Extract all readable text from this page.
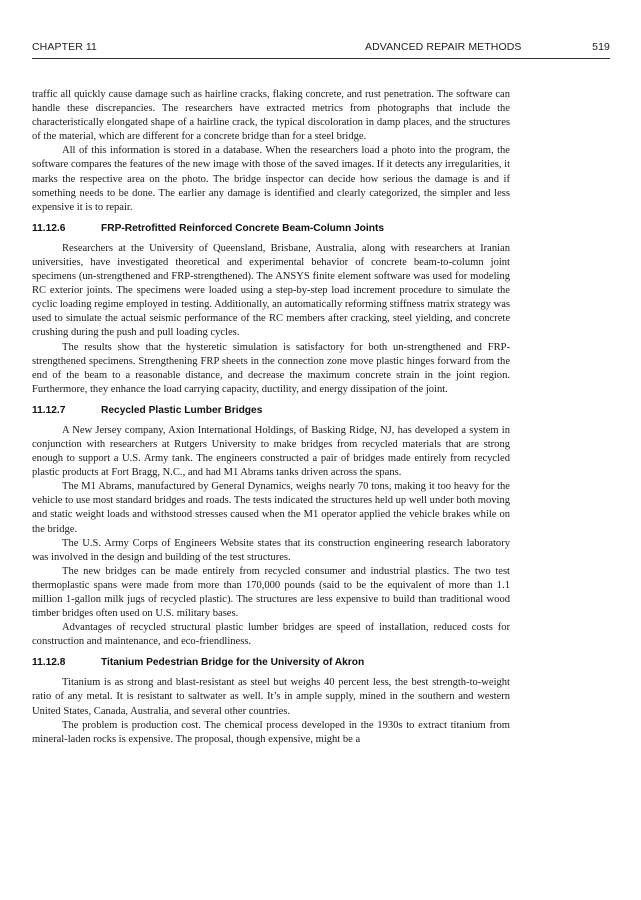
CHAPTER 11	ADVANCED REPAIR METHODS	519

traffic all quickly cause damage such as hairline cracks, flaking concrete, and rust penetration. The software can handle these discrepancies. The researchers have extracted metrics from photographs that include the characteristically elongated shape of a hairline crack, the typical discoloration in damp places, and the structures of the material, which are different for a concrete bridge than for a steel bridge.

All of this information is stored in a database. When the researchers load a photo into the program, the software compares the features of the new image with those of the saved images. If it detects any irregularities, it marks the respective area on the photo. The bridge inspector can decide how serious the damage is and if something needs to be done. The earlier any damage is identified and clearly categorized, the simpler and less expensive it is to repair.

11.12.6	FRP-Retrofitted Reinforced Concrete Beam-Column Joints

Researchers at the University of Queensland, Brisbane, Australia, along with researchers at Iranian universities, have investigated theoretical and experimental behavior of concrete beam-to-column joint specimens (un-strengthened and FRP-strengthened). The ANSYS finite element software was used for modeling RC exterior joints. The specimens were loaded using a step-by-step load increment procedure to simulate the cyclic loading regime employed in testing. Additionally, an automatically reforming stiffness matrix strategy was used to simulate the actual seismic performance of the RC members after cracking, steel yielding, and concrete crushing during the push and pull loading cycles.

The results show that the hysteretic simulation is satisfactory for both un-strengthened and FRP-strengthened specimens. Strengthening FRP sheets in the connection zone move plastic hinges forward from the end of the beam to a reasonable distance, and decrease the maximum concrete strain in the joint region. Furthermore, they enhance the load carrying capacity, ductility, and energy dissipation of the joint.

11.12.7	Recycled Plastic Lumber Bridges

A New Jersey company, Axion International Holdings, of Basking Ridge, NJ, has developed a system in conjunction with researchers at Rutgers University to make bridges from recycled materials that are strong enough to support a U.S. Army tank. The engineers constructed a pair of bridges made entirely from recycled plastic products at Fort Bragg, N.C., and had M1 Abrams tanks driven across the spans.

The M1 Abrams, manufactured by General Dynamics, weighs nearly 70 tons, making it too heavy for the vehicle to use most standard bridges and roads. The tests indicated the structures held up well under both moving and static weight loads and withstood stresses caused when the M1 operator applied the vehicle brakes while on the bridge.

The U.S. Army Corps of Engineers Website states that its construction engineering research laboratory was involved in the design and building of the test structures.

The new bridges can be made entirely from recycled consumer and industrial plastics. The two test thermoplastic spans were made from more than 170,000 pounds (said to be the equivalent of more than 1.1 million 1-gallon milk jugs of recycled plastic). The structures are less expensive to build than traditional wood timber bridges often used on U.S. military bases.

Advantages of recycled structural plastic lumber bridges are speed of installation, reduced costs for construction and maintenance, and eco-friendliness.

11.12.8	Titanium Pedestrian Bridge for the University of Akron

Titanium is as strong and blast-resistant as steel but weighs 40 percent less, the best strength-to-weight ratio of any metal. It is resistant to saltwater as well. It’s in ample supply, mined in the southern and western United States, Canada, Australia, and several other countries.

The problem is production cost. The chemical process developed in the 1930s to extract titanium from mineral-laden rocks is expensive. The proposal, though expensive, might be a
